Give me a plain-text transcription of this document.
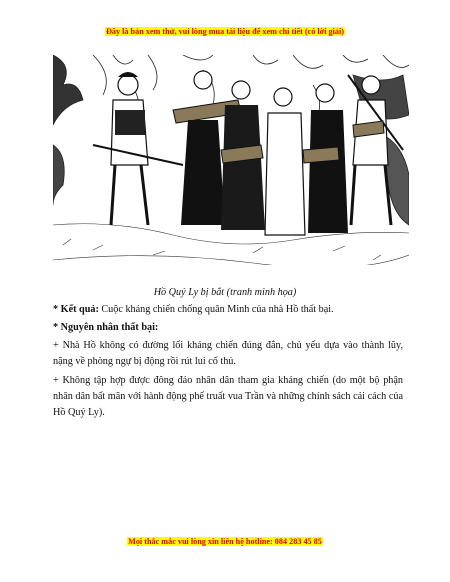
Đây là bản xem thử, vui lòng mua tài liệu để xem chi tiết (có lời giải)
Hồ Quý Ly bị bắt (tranh minh họa)
* Kết quả: Cuộc kháng chiến chống quân Minh của nhà Hồ thất bại.
* Nguyên nhân thất bại:
+ Nhà Hồ không có đường lối kháng chiến đúng đắn, chủ yếu dựa vào thành lũy, nặng về phòng ngự bị động rồi rút lui cố thủ.
+ Không tập hợp được đông đảo nhân dân tham gia kháng chiến (do một bộ phận nhân dân bất mãn với hành động phế truất vua Trần và những chính sách cải cách của Hồ Quý Ly).
Mọi thắc mắc vui lòng xin liên hệ hotline: 084 283 45 85
